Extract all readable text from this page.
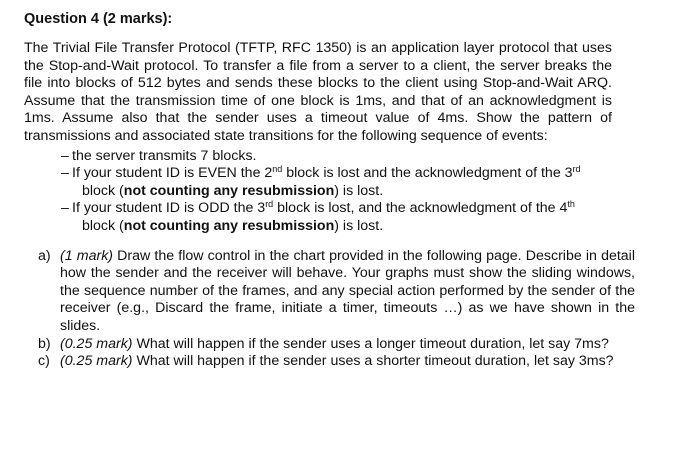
Question 4 (2 marks):

The Trivial File Transfer Protocol (TFTP, RFC 1350) is an application layer protocol that uses the Stop-and-Wait protocol. To transfer a file from a server to a client, the server breaks the file into blocks of 512 bytes and sends these blocks to the client using Stop-and-Wait ARQ. Assume that the transmission time of one block is 1ms, and that of an acknowledgment is 1ms. Assume also that the sender uses a timeout value of 4ms. Show the pattern of transmissions and associated state transitions for the following sequence of events:

– the server transmits 7 blocks.
– If your student ID is EVEN the 2nd block is lost and the acknowledgment of the 3rd
block (not counting any resubmission) is lost.
– If your student ID is ODD the 3rd block is lost, and the acknowledgment of the 4th
block (not counting any resubmission) is lost.
a) (1 mark) Draw the flow control in the chart provided in the following page. Describe in detail how the sender and the receiver will behave. Your graphs must show the sliding windows, the sequence number of the frames, and any special action performed by the sender of the receiver (e.g., Discard the frame, initiate a timer, timeouts …) as we have shown in the slides.
b) (0.25 mark) What will happen if the sender uses a longer timeout duration, let say 7ms?
c) (0.25 mark) What will happen if the sender uses a shorter timeout duration, let say 3ms?
